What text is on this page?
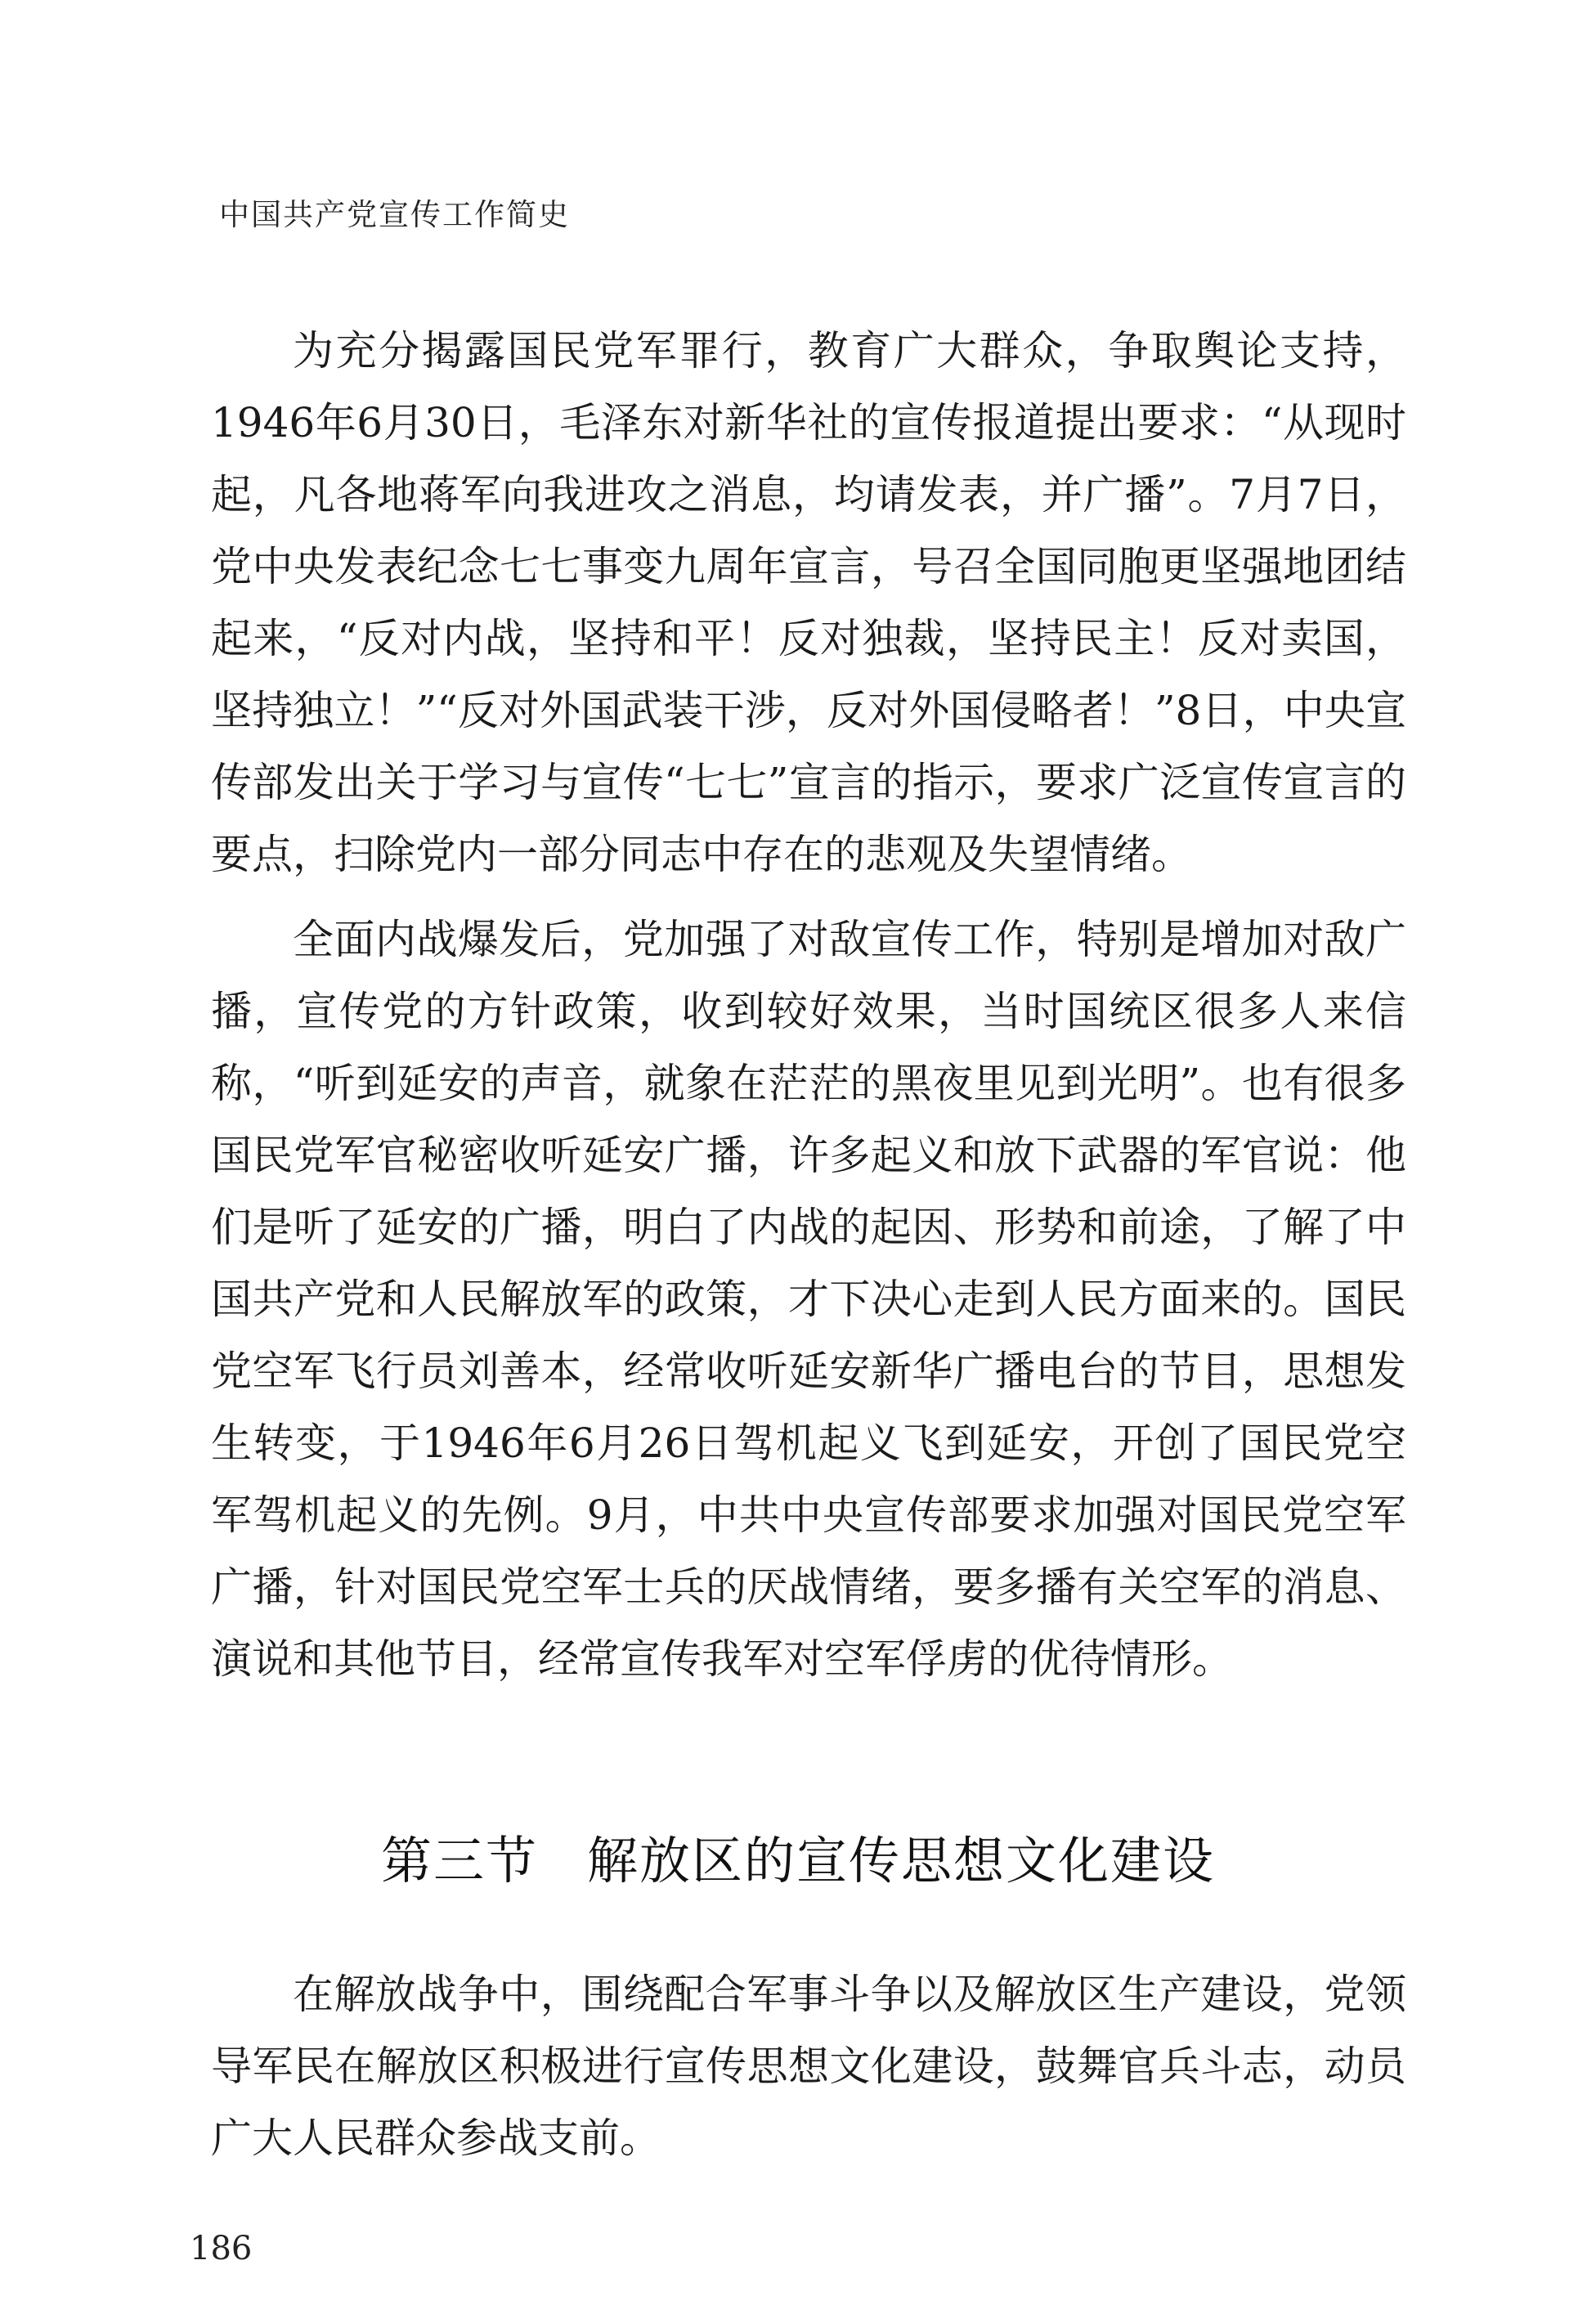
中国共产党宣传工作简史

为充分揭露国民党军罪行，教育广大群众，争取舆论支持，1946年6月30日，毛泽东对新华社的宣传报道提出要求：“从现时起，凡各地蒋军向我进攻之消息，均请发表，并广播”。7月7日，党中央发表纪念七七事变九周年宣言，号召全国同胞更坚强地团结起来，“反对内战，坚持和平！反对独裁，坚持民主！反对卖国，坚持独立！”“反对外国武装干涉，反对外国侵略者！”8日，中央宣传部发出关于学习与宣传“七七”宣言的指示，要求广泛宣传宣言的要点，扫除党内一部分同志中存在的悲观及失望情绪。

全面内战爆发后，党加强了对敌宣传工作，特别是增加对敌广播，宣传党的方针政策，收到较好效果，当时国统区很多人来信称，“听到延安的声音，就象在茫茫的黑夜里见到光明”。也有很多国民党军官秘密收听延安广播，许多起义和放下武器的军官说：他们是听了延安的广播，明白了内战的起因、形势和前途，了解了中国共产党和人民解放军的政策，才下决心走到人民方面来的。国民党空军飞行员刘善本，经常收听延安新华广播电台的节目，思想发生转变，于1946年6月26日驾机起义飞到延安，开创了国民党空军驾机起义的先例。9月，中共中央宣传部要求加强对国民党空军广播，针对国民党空军士兵的厌战情绪，要多播有关空军的消息、演说和其他节目，经常宣传我军对空军俘虏的优待情形。

第三节 解放区的宣传思想文化建设

在解放战争中，围绕配合军事斗争以及解放区生产建设，党领导军民在解放区积极进行宣传思想文化建设，鼓舞官兵斗志，动员广大人民群众参战支前。

186
